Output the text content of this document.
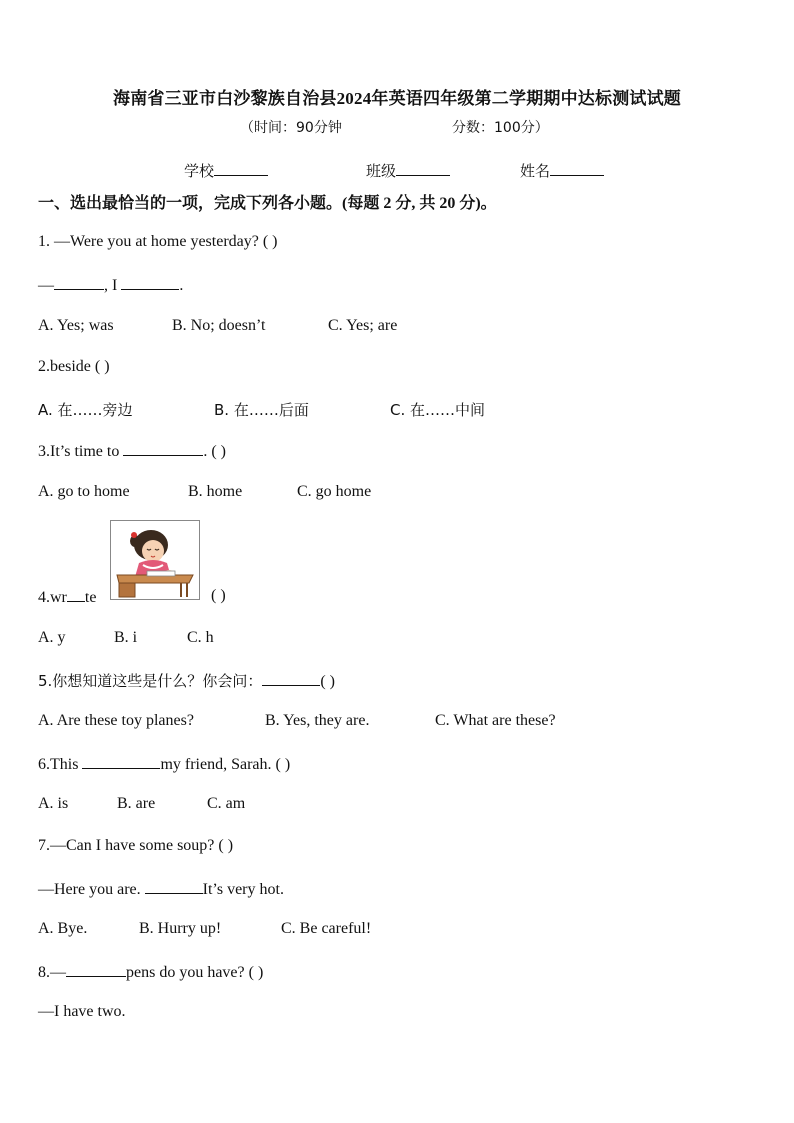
海南省三亚市白沙黎族自治县2024年英语四年级第二学期期中达标测试试题
（时间：90分钟	分数：100分）
学校	班级	姓名
一、选出最恰当的一项，完成下列各小题。(每题 2 分, 共 20 分)。
1. —Were you at home yesterday? ( )
—	, I	.
A. Yes; was	B. No; doesn’t	C. Yes; are
2.beside ( )
A. 在……旁边	B. 在……后面	C. 在……中间
3.It’s time to	. ( )
A. go to home	B. home	C. go home
4.wr te	( )
A. y	B. i	C. h
5.你想知道这些是什么？你会问：	( )
A. Are these toy planes?	B. Yes, they are.	C. What are these?
6.This	my friend, Sarah. ( )
A. is	B. are	C. am
7.—Can I have some soup? ( )
—Here you are.	It’s very hot.
A. Bye.	B. Hurry up!	C. Be careful!
8.—	pens do you have? ( )
—I have two.
